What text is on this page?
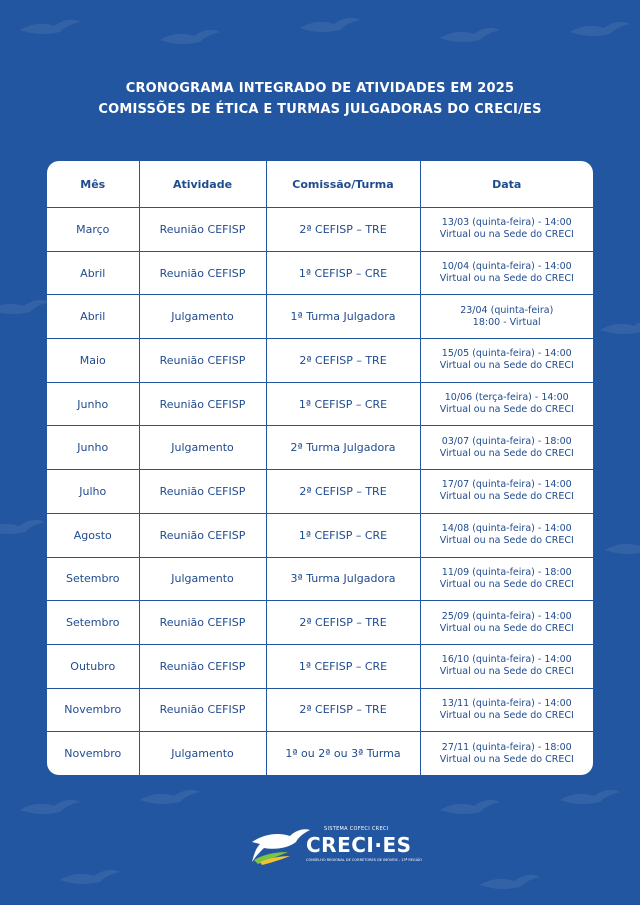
CRONOGRAMA INTEGRADO DE ATIVIDADES EM 2025
COMISSÕES DE ÉTICA E TURMAS JULGADORAS DO CRECI/ES
Mês	Atividade	Comissão/Turma	Data
Março	Reunião CEFISP	2ª CEFISP – TRE	13/03 (quinta-feira) - 14:00
Virtual ou na Sede do CRECI

Abril	Reunião CEFISP	1ª CEFISP – CRE	10/04 (quinta-feira) - 14:00
Virtual ou na Sede do CRECI

Abril	Julgamento	1ª Turma Julgadora	23/04 (quinta-feira)
18:00 - Virtual

Maio	Reunião CEFISP	2ª CEFISP – TRE	15/05 (quinta-feira) - 14:00
Virtual ou na Sede do CRECI

Junho	Reunião CEFISP	1ª CEFISP – CRE	10/06 (terça-feira) - 14:00
Virtual ou na Sede do CRECI

Junho	Julgamento	2ª Turma Julgadora	03/07 (quinta-feira) - 18:00
Virtual ou na Sede do CRECI

Julho	Reunião CEFISP	2ª CEFISP – TRE	17/07 (quinta-feira) - 14:00
Virtual ou na Sede do CRECI

Agosto	Reunião CEFISP	1ª CEFISP – CRE	14/08 (quinta-feira) - 14:00
Virtual ou na Sede do CRECI

Setembro	Julgamento	3ª Turma Julgadora	11/09 (quinta-feira) - 18:00
Virtual ou na Sede do CRECI

Setembro	Reunião CEFISP	2ª CEFISP – TRE	25/09 (quinta-feira) - 14:00
Virtual ou na Sede do CRECI

Outubro	Reunião CEFISP	1ª CEFISP – CRE	16/10 (quinta-feira) - 14:00
Virtual ou na Sede do CRECI

Novembro	Reunião CEFISP	2ª CEFISP – TRE	13/11 (quinta-feira) - 14:00
Virtual ou na Sede do CRECI

Novembro	Julgamento	1ª ou 2ª ou 3ª Turma	27/11 (quinta-feira) - 18:00
Virtual ou na Sede do CRECI
SISTEMA COFECI CRECI
CRECI·ES
CONSELHO REGIONAL DE CORRETORES DE IMÓVEIS - 13ª REGIÃO
